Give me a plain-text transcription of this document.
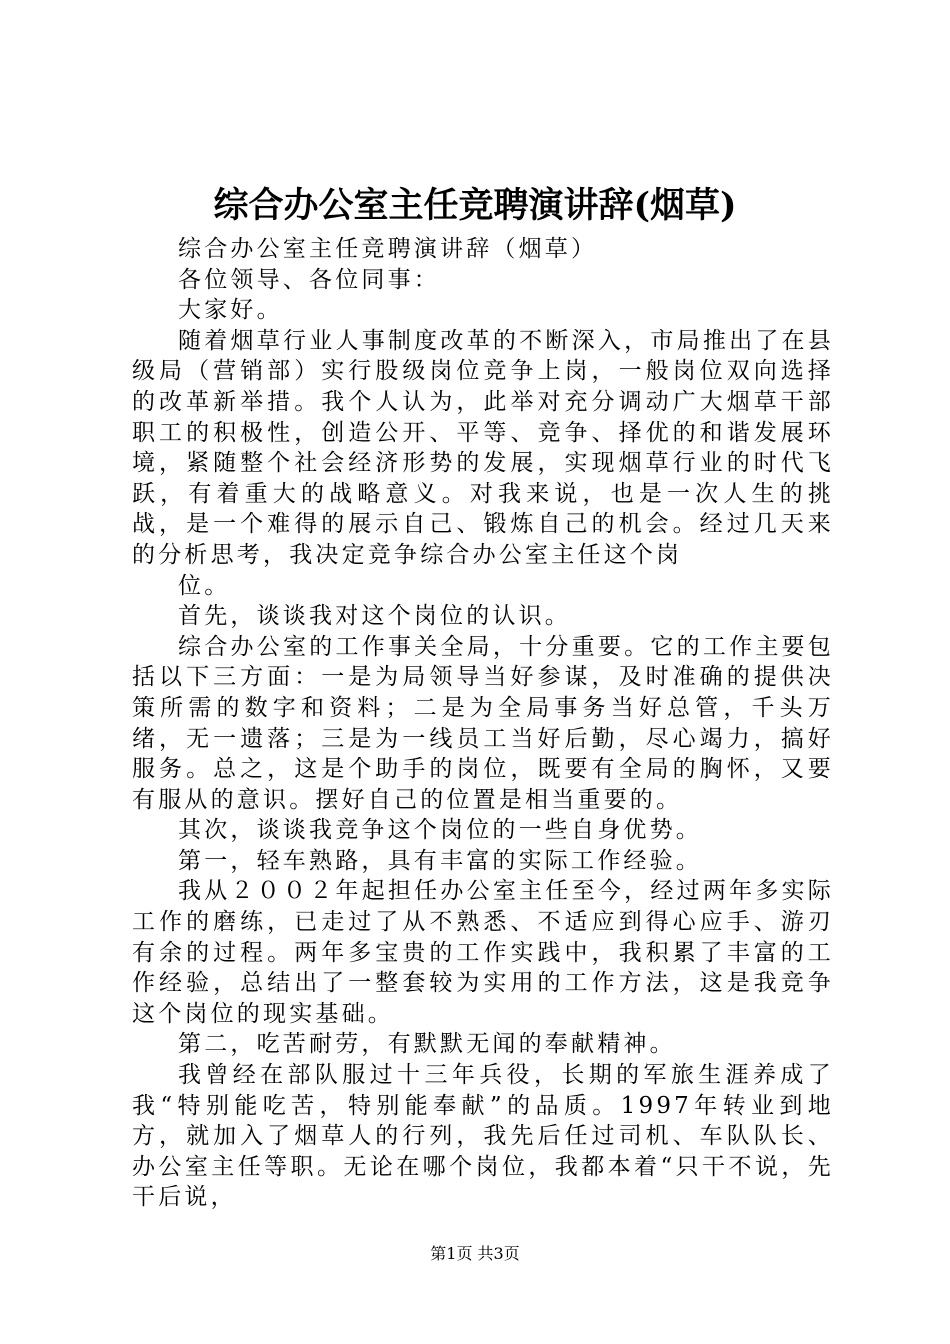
综合办公室主任竞聘演讲辞(烟草)

综合办公室主任竞聘演讲辞（烟草）

各位领导、各位同事：

大家好。

随着烟草行业人事制度改革的不断深入，市局推出了在县级局（营销部）实行股级岗位竞争上岗，一般岗位双向选择的改革新举措。我个人认为，此举对充分调动广大烟草干部职工的积极性，创造公开、平等、竞争、择优的和谐发展环境，紧随整个社会经济形势的发展，实现烟草行业的时代飞跃，有着重大的战略意义。对我来说，也是一次人生的挑战，是一个难得的展示自己、锻炼自己的机会。经过几天来的分析思考，我决定竞争综合办公室主任这个岗

位。

首先，谈谈我对这个岗位的认识。

综合办公室的工作事关全局，十分重要。它的工作主要包括以下三方面：一是为局领导当好参谋，及时准确的提供决策所需的数字和资料；二是为全局事务当好总管，千头万绪，无一遗落；三是为一线员工当好后勤，尽心竭力，搞好服务。总之，这是个助手的岗位，既要有全局的胸怀，又要有服从的意识。摆好自己的位置是相当重要的。

其次，谈谈我竞争这个岗位的一些自身优势。

第一，轻车熟路，具有丰富的实际工作经验。

我从２００２年起担任办公室主任至今，经过两年多实际工作的磨练，已走过了从不熟悉、不适应到得心应手、游刃有余的过程。两年多宝贵的工作实践中，我积累了丰富的工作经验，总结出了一整套较为实用的工作方法，这是我竞争这个岗位的现实基础。

第二，吃苦耐劳，有默默无闻的奉献精神。

我曾经在部队服过十三年兵役，长期的军旅生涯养成了我“特别能吃苦，特别能奉献”的品质。1997年转业到地方，就加入了烟草人的行列，我先后任过司机、车队队长、办公室主任等职。无论在哪个岗位，我都本着“只干不说，先干后说，

第1页 共3页
